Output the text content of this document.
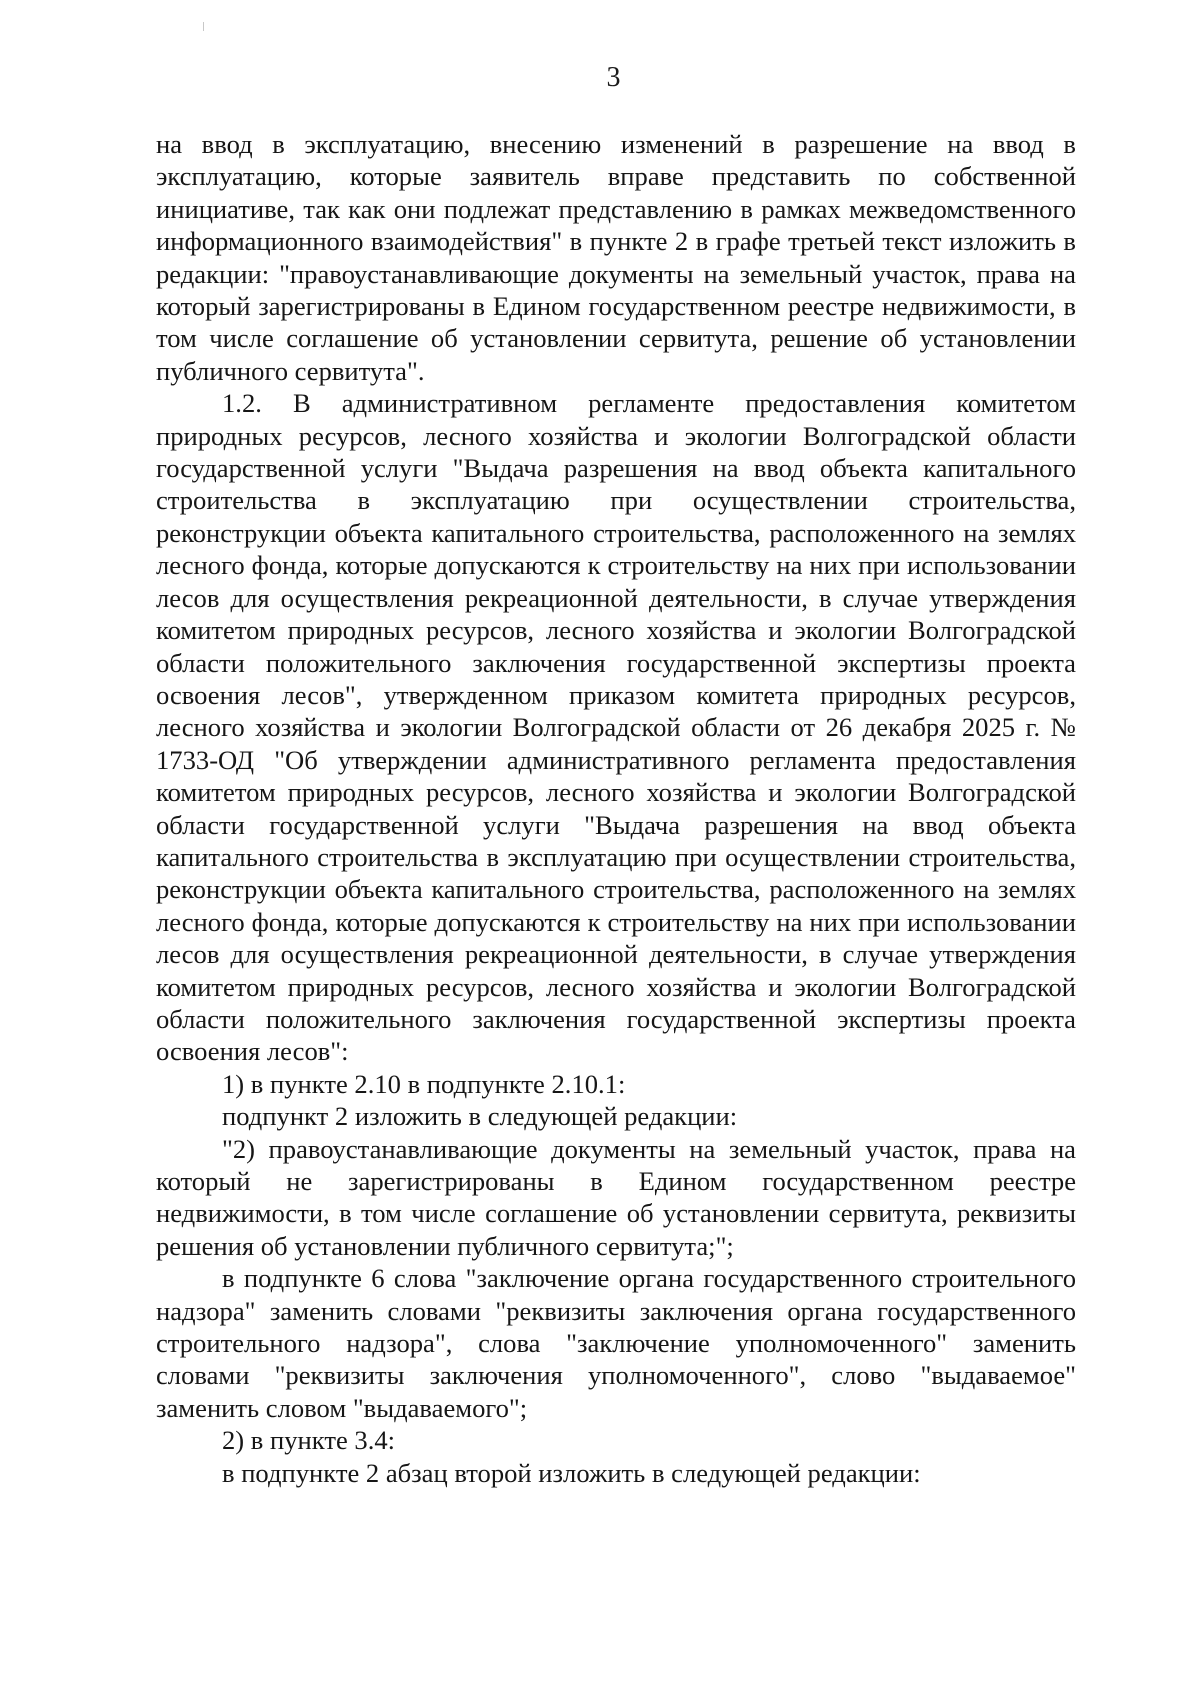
3

на ввод в эксплуатацию, внесению изменений в разрешение на ввод в эксплуатацию, которые заявитель вправе представить по собственной инициативе, так как они подлежат представлению в рамках межведомственного информационного взаимодействия" в пункте 2 в графе третьей текст изложить в редакции: "правоустанавливающие документы на земельный участок, права на который зарегистрированы в Едином государственном реестре недвижимости, в том числе соглашение об установлении сервитута, решение об установлении публичного сервитута".

1.2. В административном регламенте предоставления комитетом природных ресурсов, лесного хозяйства и экологии Волгоградской области государственной услуги "Выдача разрешения на ввод объекта капитального строительства в эксплуатацию при осуществлении строительства, реконструкции объекта капитального строительства, расположенного на землях лесного фонда, которые допускаются к строительству на них при использовании лесов для осуществления рекреационной деятельности, в случае утверждения комитетом природных ресурсов, лесного хозяйства и экологии Волгоградской области положительного заключения государственной экспертизы проекта освоения лесов", утвержденном приказом комитета природных ресурсов, лесного хозяйства и экологии Волгоградской области от 26 декабря 2025 г. № 1733-ОД "Об утверждении административного регламента предоставления комитетом природных ресурсов, лесного хозяйства и экологии Волгоградской области государственной услуги "Выдача разрешения на ввод объекта капитального строительства в эксплуатацию при осуществлении строительства, реконструкции объекта капитального строительства, расположенного на землях лесного фонда, которые допускаются к строительству на них при использовании лесов для осуществления рекреационной деятельности, в случае утверждения комитетом природных ресурсов, лесного хозяйства и экологии Волгоградской области положительного заключения государственной экспертизы проекта освоения лесов":

1) в пункте 2.10 в подпункте 2.10.1:

подпункт 2 изложить в следующей редакции:

"2) правоустанавливающие документы на земельный участок, права на который не зарегистрированы в Едином государственном реестре недвижимости, в том числе соглашение об установлении сервитута, реквизиты решения об установлении публичного сервитута;";

в подпункте 6 слова "заключение органа государственного строительного надзора" заменить словами "реквизиты заключения органа государственного строительного надзора", слова "заключение уполномоченного" заменить словами "реквизиты заключения уполномоченного", слово "выдаваемое" заменить словом "выдаваемого";

2) в пункте 3.4:

в подпункте 2 абзац второй изложить в следующей редакции:
